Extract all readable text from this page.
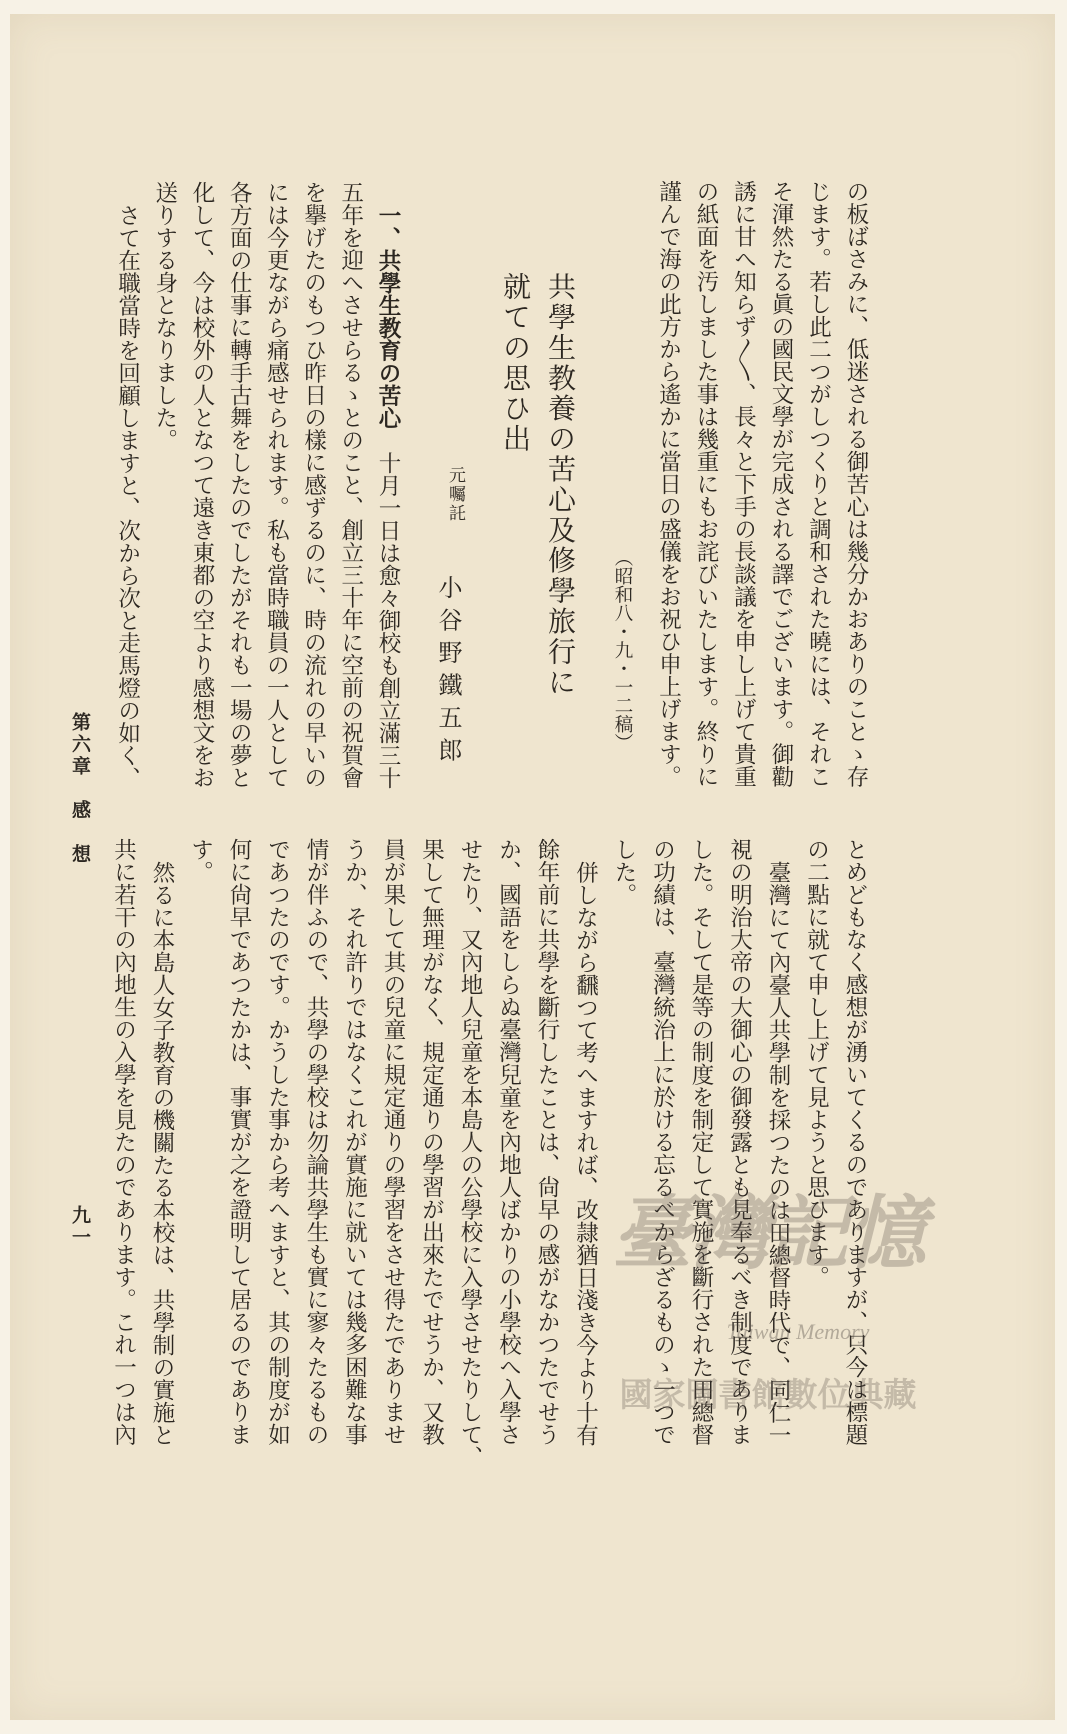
の板ばさみに、低迷される御苦心は幾分かおありのことゝ存

じます。若し此二つがしつくりと調和された曉には、それこ

そ渾然たる眞の國民文學が完成される譯でございます。御勸

誘に甘へ知らず〳〵、長々と下手の長談議を申し上げて貴重

の紙面を汚しました事は幾重にもお詫びいたします。終りに

謹んで海の此方から遙かに當日の盛儀をお祝ひ申上げます。

（昭和八・九・一二稿）

共學生教養の苦心及修學旅行に

就ての思ひ出

元囑託
小谷野鐵五郎

一、共學生教育の苦心十月一日は愈々御校も創立滿三十

五年を迎へさせらるゝとのこと、創立三十年に空前の祝賀會

を擧げたのもつひ昨日の樣に感ずるのに、時の流れの早いの

には今更ながら痛感せられます。私も當時職員の一人として

各方面の仕事に轉手古舞をしたのでしたがそれも一場の夢と

化して、今は校外の人となつて遠き東都の空より感想文をお

送りする身となりました。

さて在職當時を回顧しますと、次から次と走馬燈の如く、

とめどもなく感想が湧いてくるのでありますが、只今は標題

の二點に就て申し上げて見ようと思ひます。

臺灣にて內臺人共學制を採つたのは田總督時代で、同仁一

視の明治大帝の大御心の御發露とも見奉るべき制度でありま

した。そして是等の制度を制定して實施を斷行された田總督

の功績は、臺灣統治上に於ける忘るべからざるものゝ一つで

した。

併しながら飜つて考へますれば、改隷猶日淺き今より十有

餘年前に共學を斷行したことは、尙早の感がなかつたでせう

か、國語をしらぬ臺灣兒童を內地人ばかりの小學校へ入學さ

せたり、又內地人兒童を本島人の公學校に入學させたりして、

果して無理がなく、規定通りの學習が出來たでせうか、又教

員が果して其の兒童に規定通りの學習をさせ得たでありませ

うか、それ許りではなくこれが實施に就いては幾多困難な事

情が伴ふので、共學の學校は勿論共學生も實に寥々たるもの

であつたのです。かうした事から考へますと、其の制度が如

何に尙早であつたかは、事實が之を證明して居るのでありま

す。

然るに本島人女子教育の機關たる本校は、共學制の實施と

共に若干の內地生の入學を見たのであります。これ一つは內

第六章　感　想
九一	臺灣記憶
Taiwan Memory
國家圖書館數位典藏
